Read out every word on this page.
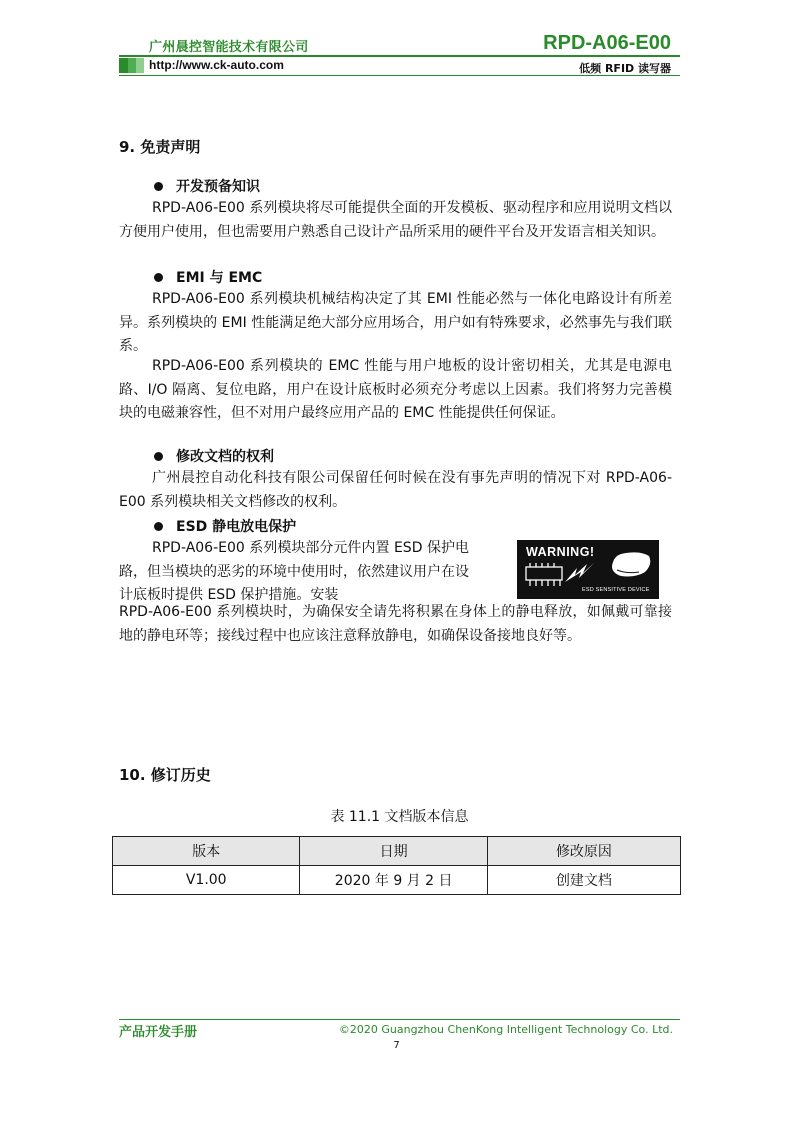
广州晨控智能技术有限公司	RPD-A06-E00
http://www.ck-auto.com	低频 RFID 读写器
9. 免责声明
开发预备知识

RPD-A06-E00 系列模块将尽可能提供全面的开发模板、驱动程序和应用说明文档以方便用户使用，但也需要用户熟悉自己设计产品所采用的硬件平台及开发语言相关知识。

EMI 与 EMC

RPD-A06-E00 系列模块机械结构决定了其 EMI 性能必然与一体化电路设计有所差异。系列模块的 EMI 性能满足绝大部分应用场合，用户如有特殊要求，必然事先与我们联系。

RPD-A06-E00 系列模块的 EMC 性能与用户地板的设计密切相关，尤其是电源电路、I/O 隔离、复位电路，用户在设计底板时必须充分考虑以上因素。我们将努力完善模块的电磁兼容性，但不对用户最终应用产品的 EMC 性能提供任何保证。

修改文档的权利

广州晨控自动化科技有限公司保留任何时候在没有事先声明的情况下对 RPD-A06-E00 系列模块相关文档修改的权利。

ESD 静电放电保护

RPD-A06-E00 系列模块部分元件内置 ESD 保护电路，但当模块的恶劣的环境中使用时，依然建议用户在设计底板时提供 ESD 保护措施。安装

RPD-A06-E00 系列模块时，为确保安全请先将积累在身体上的静电释放，如佩戴可靠接地的静电环等；接线过程中也应该注意释放静电，如确保设备接地良好等。

WARNING!
ESD SENSITIVE DEVICE
10. 修订历史
表 11.1 文档版本信息
版本	日期	修改原因
V1.00	2020 年 9 月 2 日	创建文档
产品开发手册	©2020 Guangzhou ChenKong Intelligent Technology Co. Ltd.
7
